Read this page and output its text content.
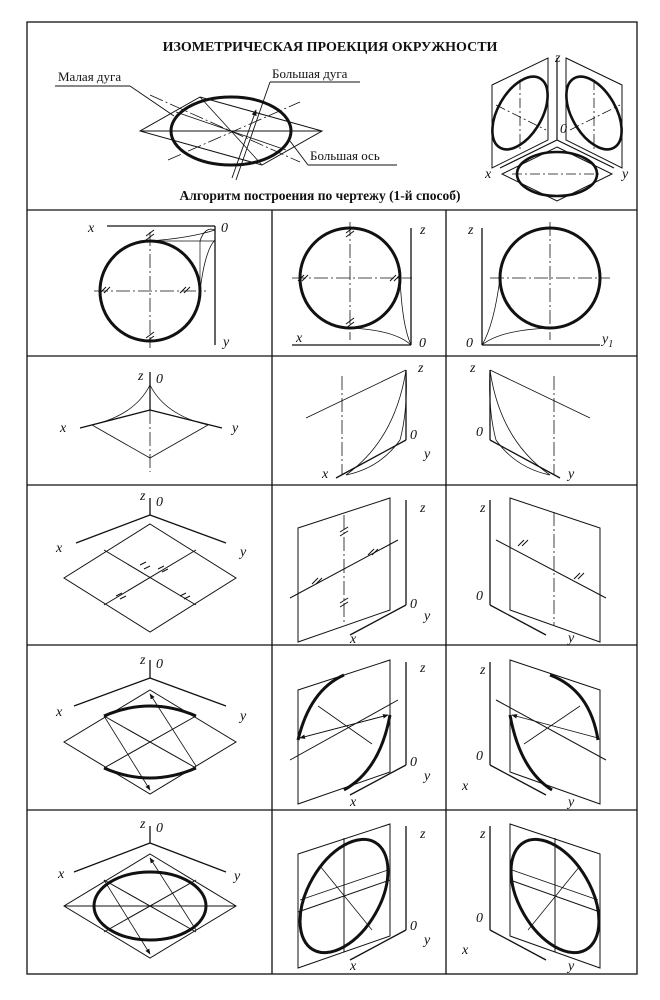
ИЗОМЕТРИЧЕСКАЯ ПРОЕКЦИЯ ОКРУЖНОСТИ
Малая дуга	Большая дуга
Большая ось
Алгоритм построения по чертежу (1-й способ)
z
0
x	y
x	0
y
z
x	0
z
0	$y_1$
z 0
x	y
z
0
y
x
z
0
y
z 0
x	y
z
0
y
x
z
0
y
z 0
x	y
z
0
y
x
z
0
x
y
z 0
x	y
z
0
y
x
z
0
x
y
